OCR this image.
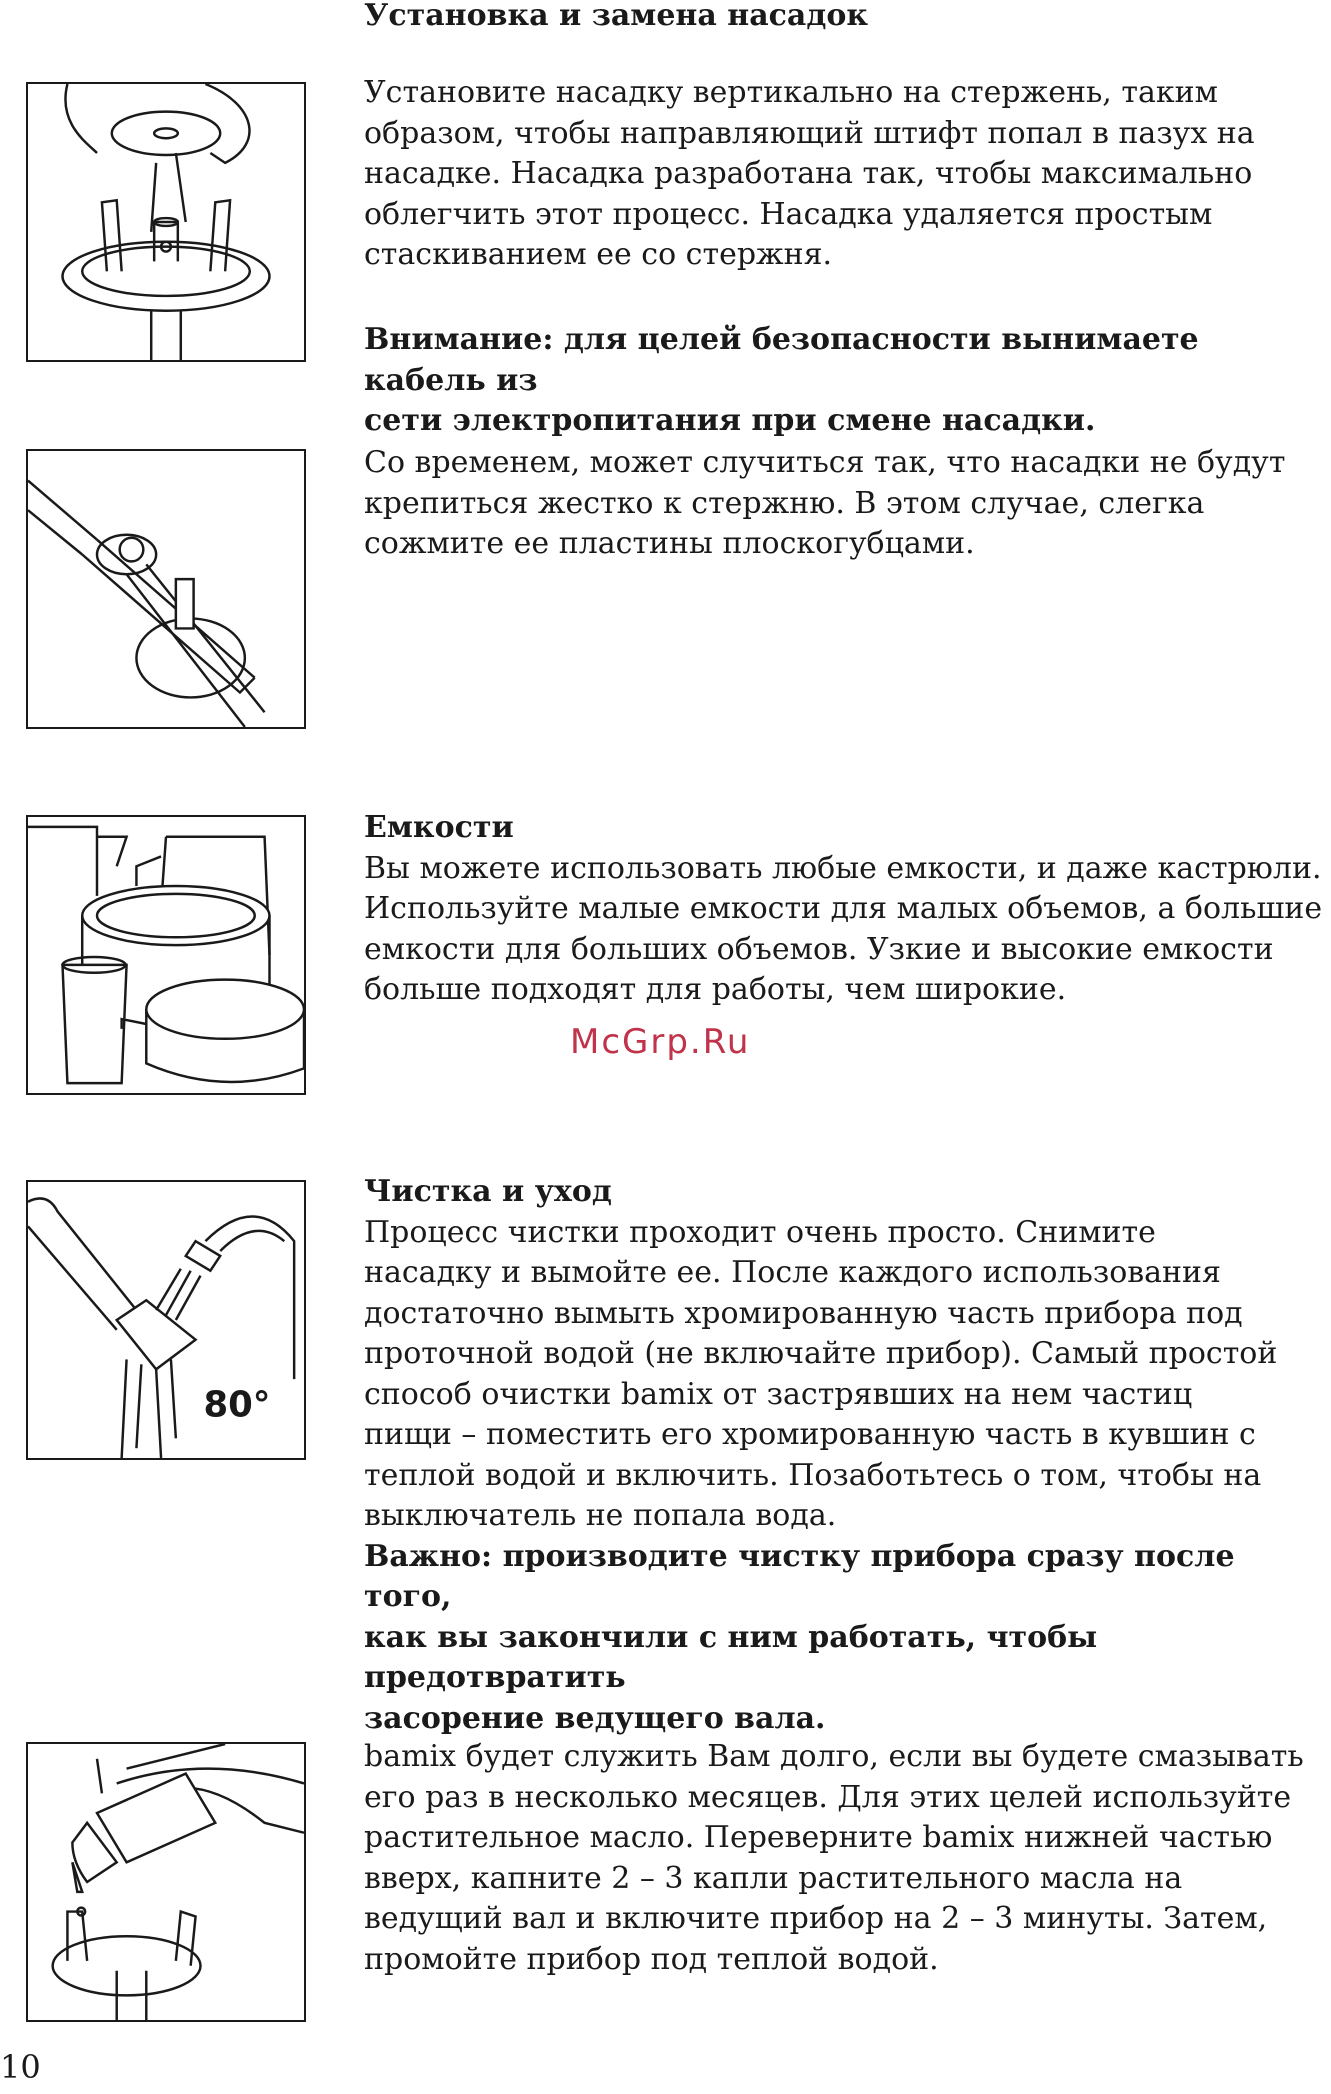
Установка и замена насадок

Установите насадку вертикально на стержень, таким

образом, чтобы направляющий штифт попал в пазух на

насадке. Насадка разработана так, чтобы максимально

облегчить этот процесс. Насадка удаляется простым

стаскиванием ее со стержня.

Внимание: для целей безопасности вынимаете кабель из

сети электропитания при смене насадки.

Со временем, может случиться так, что насадки не будут

крепиться жестко к стержню. В этом случае, слегка

сожмите ее пластины плоскогубцами.

Емкости

Вы можете использовать любые емкости, и даже кастрюли.

Используйте малые емкости для малых объемов, а большие

емкости для больших объемов. Узкие и высокие емкости

больше подходят для работы, чем широкие.

McGrp.Ru
80°

Чистка и уход

Процесс чистки проходит очень просто. Снимите

насадку и вымойте ее. После каждого использования

достаточно вымыть хромированную часть прибора под

проточной водой (не включайте прибор). Самый простой

способ очистки bamix от застрявших на нем частиц

пищи – поместить его хромированную часть в кувшин с

теплой водой и включить. Позаботьтесь о том, чтобы на

выключатель не попала вода.

Важно: производите чистку прибора сразу после того,

как вы закончили с ним работать, чтобы предотвратить

засорение ведущего вала.

bamix будет служить Вам долго, если вы будете смазывать

его раз в несколько месяцев. Для этих целей используйте

растительное масло. Переверните bamix нижней частью

вверх, капните 2 – 3 капли растительного масла на

ведущий вал и включите прибор на 2 – 3 минуты. Затем,

промойте прибор под теплой водой.

10
